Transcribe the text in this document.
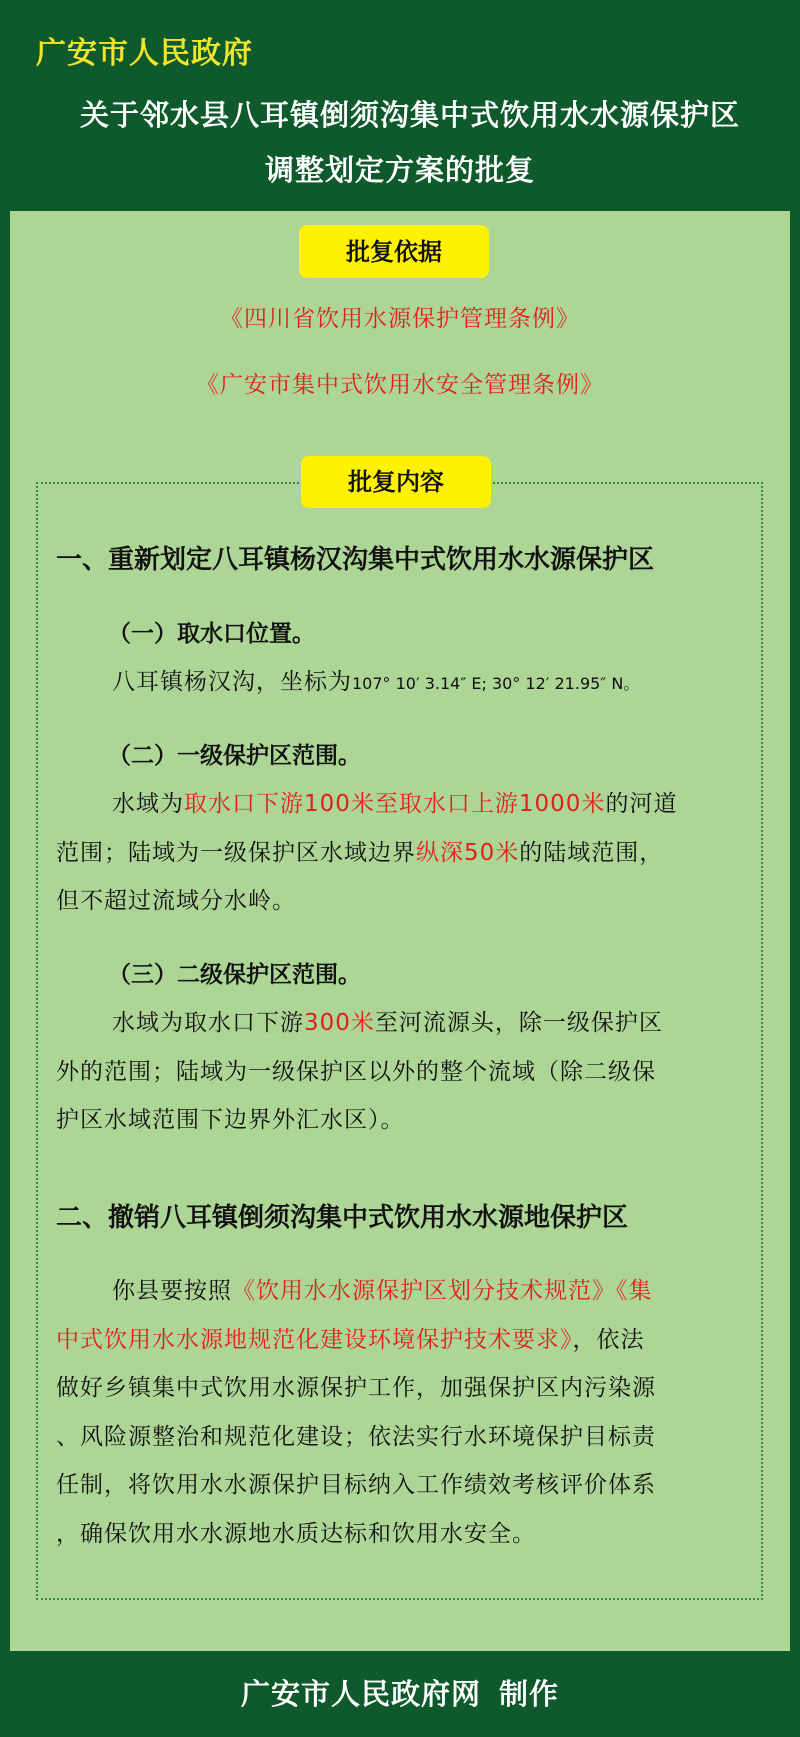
广安市人民政府
关于邻水县八耳镇倒须沟集中式饮用水水源保护区
调整划定方案的批复
批复依据
《四川省饮用水源保护管理条例》
《广安市集中式饮用水安全管理条例》
批复内容
一、重新划定八耳镇杨汉沟集中式饮用水水源保护区
（一）取水口位置。
八耳镇杨汉沟，坐标为107° 10′ 3.14″ E; 30° 12′ 21.95″ N。
（二）一级保护区范围。
水域为取水口下游100米至取水口上游1000米的河道
范围；陆域为一级保护区水域边界纵深50米的陆域范围，
但不超过流域分水岭。
（三）二级保护区范围。
水域为取水口下游300米至河流源头，除一级保护区
外的范围；陆域为一级保护区以外的整个流域（除二级保
护区水域范围下边界外汇水区）。
二、撤销八耳镇倒须沟集中式饮用水水源地保护区
你县要按照《饮用水水源保护区划分技术规范》《集
中式饮用水水源地规范化建设环境保护技术要求》，依法
做好乡镇集中式饮用水源保护工作，加强保护区内污染源
、风险源整治和规范化建设；依法实行水环境保护目标责
任制，将饮用水水源保护目标纳入工作绩效考核评价体系
，确保饮用水水源地水质达标和饮用水安全。
广安市人民政府网 制作
